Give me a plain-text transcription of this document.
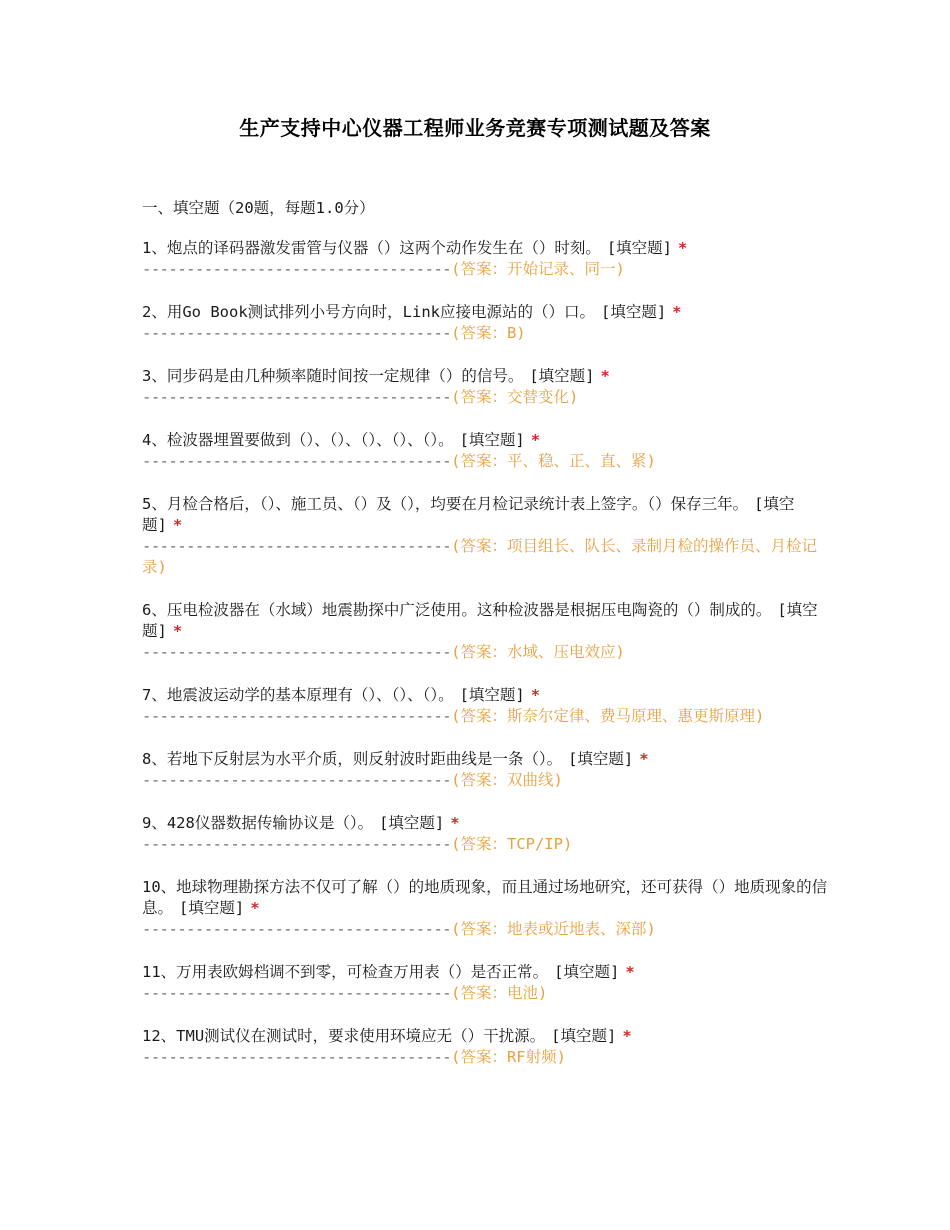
生产支持中心仪器工程师业务竞赛专项测试题及答案
一、填空题（20题，每题1.0分）
1、炮点的译码器激发雷管与仪器（）这两个动作发生在（）时刻。 [填空题] *
-----------------------------------(答案：开始记录、同一)
2、用Go Book测试排列小号方向时，Link应接电源站的（）口。 [填空题] *
-----------------------------------(答案：B)
3、同步码是由几种频率随时间按一定规律（）的信号。 [填空题] *
-----------------------------------(答案：交替变化)
4、检波器埋置要做到（）、（）、（）、（）、（）。 [填空题] *
-----------------------------------(答案：平、稳、正、直、紧)
5、月检合格后，（）、施工员、（）及（），均要在月检记录统计表上签字。（）保存三年。 [填空题] *
-----------------------------------(答案：项目组长、队长、录制月检的操作员、月检记录)
6、压电检波器在（水域）地震勘探中广泛使用。这种检波器是根据压电陶瓷的（）制成的。 [填空题] *
-----------------------------------(答案：水域、压电效应)
7、地震波运动学的基本原理有（）、（）、（）。 [填空题] *
-----------------------------------(答案：斯奈尔定律、费马原理、惠更斯原理)
8、若地下反射层为水平介质，则反射波时距曲线是一条（）。 [填空题] *
-----------------------------------(答案：双曲线)
9、428仪器数据传输协议是（）。 [填空题] *
-----------------------------------(答案：TCP/IP)
10、地球物理勘探方法不仅可了解（）的地质现象，而且通过场地研究，还可获得（）地质现象的信息。 [填空题] *
-----------------------------------(答案：地表或近地表、深部)
11、万用表欧姆档调不到零，可检查万用表（）是否正常。 [填空题] *
-----------------------------------(答案：电池)
12、TMU测试仪在测试时，要求使用环境应无（）干扰源。 [填空题] *
-----------------------------------(答案：RF射频)
